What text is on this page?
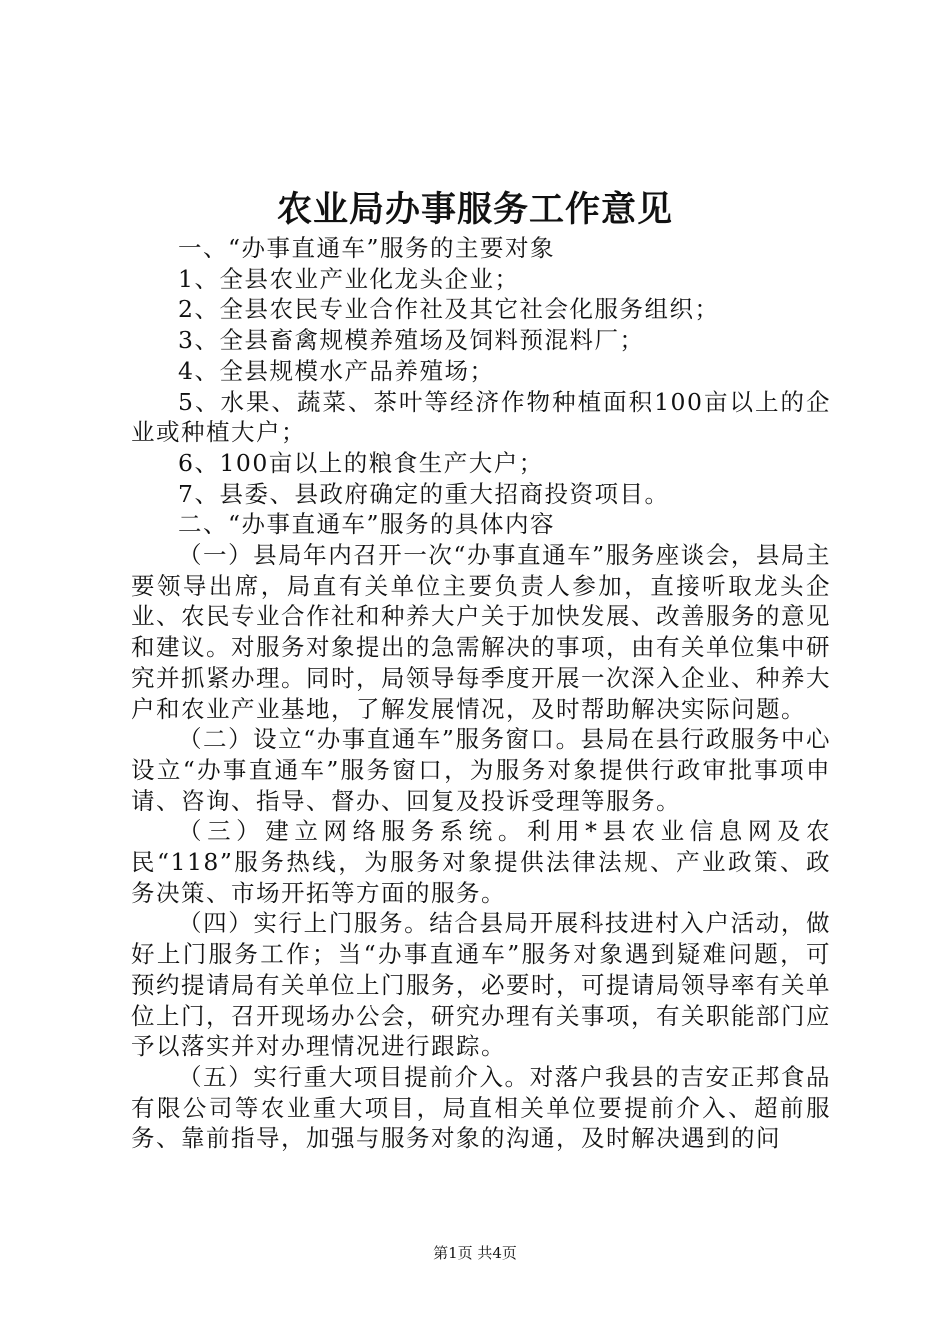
农业局办事服务工作意见

一、“办事直通车”服务的主要对象

1、全县农业产业化龙头企业；

2、全县农民专业合作社及其它社会化服务组织；

3、全县畜禽规模养殖场及饲料预混料厂；

4、全县规模水产品养殖场；

5、水果、蔬菜、茶叶等经济作物种植面积100亩以上的企业或种植大户；

6、100亩以上的粮食生产大户；

7、县委、县政府确定的重大招商投资项目。

二、“办事直通车”服务的具体内容

（一）县局年内召开一次“办事直通车”服务座谈会，县局主要领导出席，局直有关单位主要负责人参加，直接听取龙头企业、农民专业合作社和种养大户关于加快发展、改善服务的意见和建议。对服务对象提出的急需解决的事项，由有关单位集中研究并抓紧办理。同时，局领导每季度开展一次深入企业、种养大户和农业产业基地，了解发展情况，及时帮助解决实际问题。

（二）设立“办事直通车”服务窗口。县局在县行政服务中心设立“办事直通车”服务窗口，为服务对象提供行政审批事项申请、咨询、指导、督办、回复及投诉受理等服务。

（三）建立网络服务系统。利用*县农业信息网及农民“118”服务热线，为服务对象提供法律法规、产业政策、政务决策、市场开拓等方面的服务。

（四）实行上门服务。结合县局开展科技进村入户活动，做好上门服务工作；当“办事直通车”服务对象遇到疑难问题，可预约提请局有关单位上门服务，必要时，可提请局领导率有关单位上门，召开现场办公会，研究办理有关事项，有关职能部门应予以落实并对办理情况进行跟踪。

（五）实行重大项目提前介入。对落户我县的吉安正邦食品有限公司等农业重大项目，局直相关单位要提前介入、超前服务、靠前指导，加强与服务对象的沟通，及时解决遇到的问

第1页 共4页
